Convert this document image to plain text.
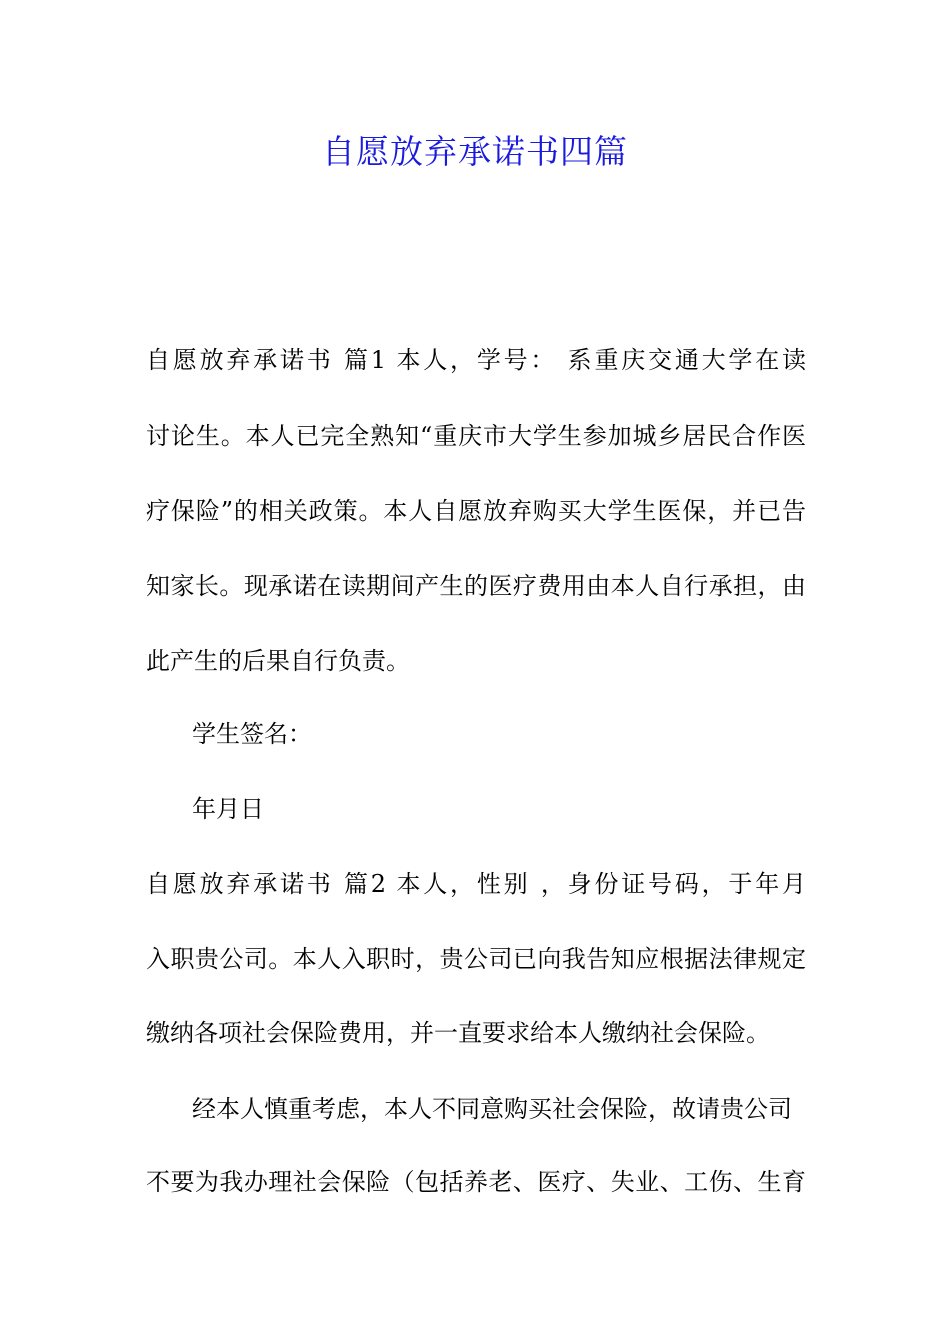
自愿放弃承诺书四篇
自愿放弃承诺书 篇1 本人，学号： 系重庆交通大学在读
讨论生。本人已完全熟知“重庆市大学生参加城乡居民合作医
疗保险”的相关政策。本人自愿放弃购买大学生医保，并已告
知家长。现承诺在读期间产生的医疗费用由本人自行承担，由
此产生的后果自行负责。
学生签名：
年月日
自愿放弃承诺书 篇2 本人，性别 ，身份证号码，于年月
入职贵公司。本人入职时，贵公司已向我告知应根据法律规定
缴纳各项社会保险费用，并一直要求给本人缴纳社会保险。
经本人慎重考虑，本人不同意购买社会保险，故请贵公司
不要为我办理社会保险（包括养老、医疗、失业、工伤、生育
